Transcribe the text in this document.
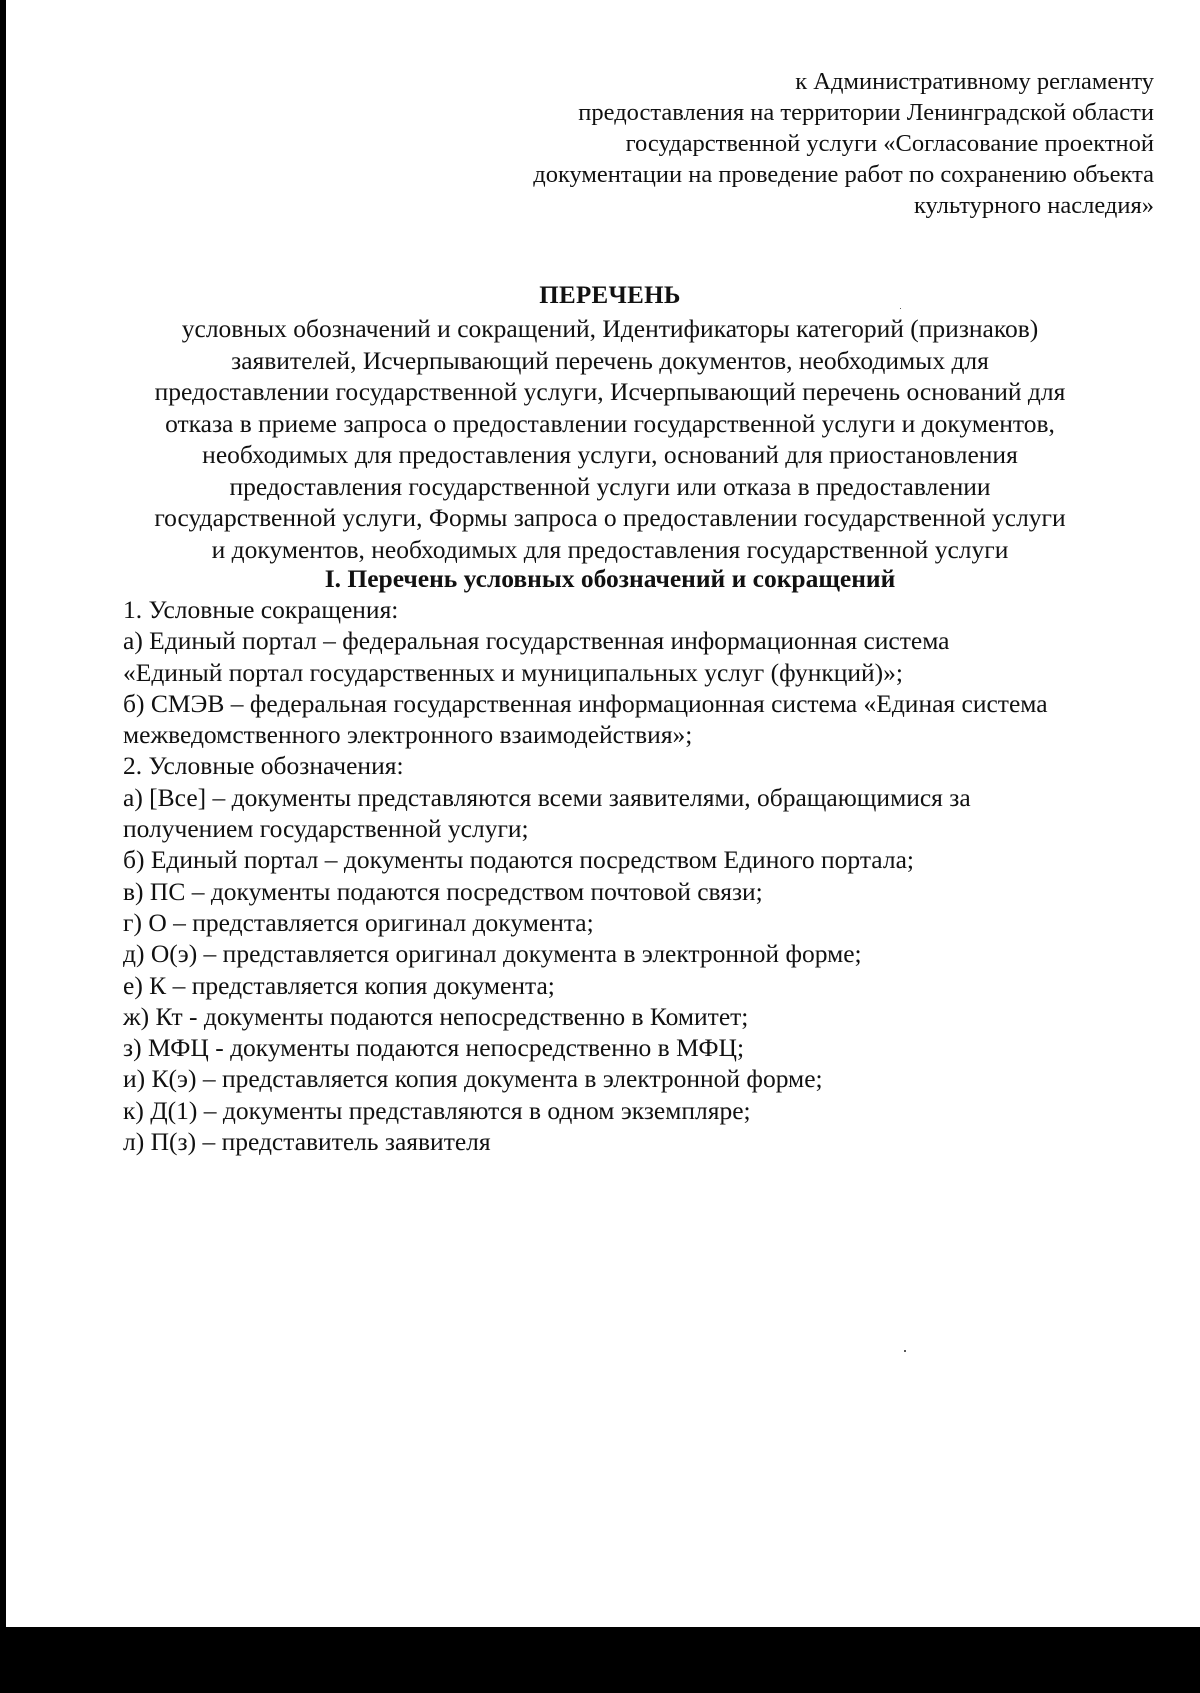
к Административному регламенту
предоставления на территории Ленинградской области
государственной услуги «Согласование проектной
документации на проведение работ по сохранению объекта
культурного наследия»
ПЕРЕЧЕНЬ
условных обозначений и сокращений, Идентификаторы категорий (признаков)
заявителей, Исчерпывающий перечень документов, необходимых для
предоставлении государственной услуги, Исчерпывающий перечень оснований для
отказа в приеме запроса о предоставлении государственной услуги и документов,
необходимых для предоставления услуги, оснований для приостановления
предоставления государственной услуги или отказа в предоставлении
государственной услуги, Формы запроса о предоставлении государственной услуги
и документов, необходимых для предоставления государственной услуги
I. Перечень условных обозначений и сокращений
1. Условные сокращения:
а) Единый портал – федеральная государственная информационная система
«Единый портал государственных и муниципальных услуг (функций)»;
б) СМЭВ – федеральная государственная информационная система «Единая система
межведомственного электронного взаимодействия»;
2. Условные обозначения:
а) [Все] – документы представляются всеми заявителями, обращающимися за
получением государственной услуги;
б) Единый портал – документы подаются посредством Единого портала;
в) ПС – документы подаются посредством почтовой связи;
г) О – представляется оригинал документа;
д) О(э) – представляется оригинал документа в электронной форме;
е) К – представляется копия документа;
ж) Кт - документы подаются непосредственно в Комитет;
з) МФЦ - документы подаются непосредственно в МФЦ;
и) К(э) – представляется копия документа в электронной форме;
к) Д(1) – документы представляются в одном экземпляре;
л) П(з) – представитель заявителя
